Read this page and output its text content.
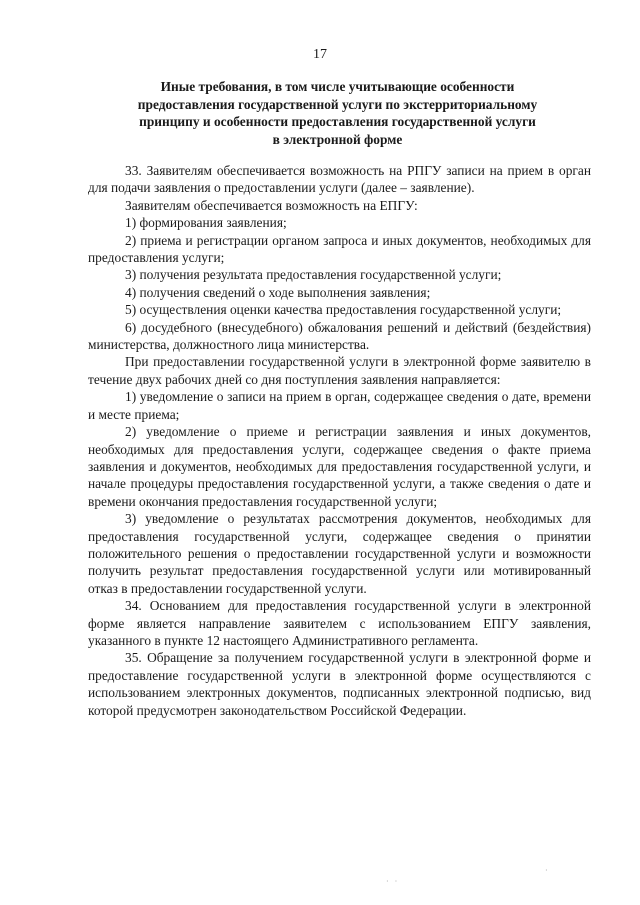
17
Иные требования, в том числе учитывающие особенности
предоставления государственной услуги по экстерриториальному
принципу и особенности предоставления государственной услуги
в электронной форме

33. Заявителям обеспечивается возможность на РПГУ записи на прием в орган для подачи заявления о предоставлении услуги (далее – заявление).

Заявителям обеспечивается возможность на ЕПГУ:

1) формирования заявления;

2) приема и регистрации органом запроса и иных документов, необходимых для предоставления услуги;

3) получения результата предоставления государственной услуги;

4) получения сведений о ходе выполнения заявления;

5) осуществления оценки качества предоставления государственной услуги;

6) досудебного (внесудебного) обжалования решений и действий (бездействия) министерства, должностного лица министерства.

При предоставлении государственной услуги в электронной форме заявителю в течение двух рабочих дней со дня поступления заявления направляется:

1) уведомление о записи на прием в орган, содержащее сведения о дате, времени и месте приема;

2) уведомление о приеме и регистрации заявления и иных документов, необходимых для предоставления услуги, содержащее сведения о факте приема заявления и документов, необходимых для предоставления государственной услуги, и начале процедуры предоставления государственной услуги, а также сведения о дате и времени окончания предоставления государственной услуги;

3) уведомление о результатах рассмотрения документов, необходимых для предоставления государственной услуги, содержащее сведения о принятии положительного решения о предоставлении государственной услуги и возможности получить результат предоставления государственной услуги или мотивированный отказ в предоставлении государственной услуги.

34. Основанием для предоставления государственной услуги в электронной форме является направление заявителем с использованием ЕПГУ заявления, указанного в пункте 12 настоящего Административного регламента.

35. Обращение за получением государственной услуги в электронной форме и предоставление государственной услуги в электронной форме осуществляются с использованием электронных документов, подписанных электронной подписью, вид которой предусмотрен законодательством Российской Федерации.

· ·
·
